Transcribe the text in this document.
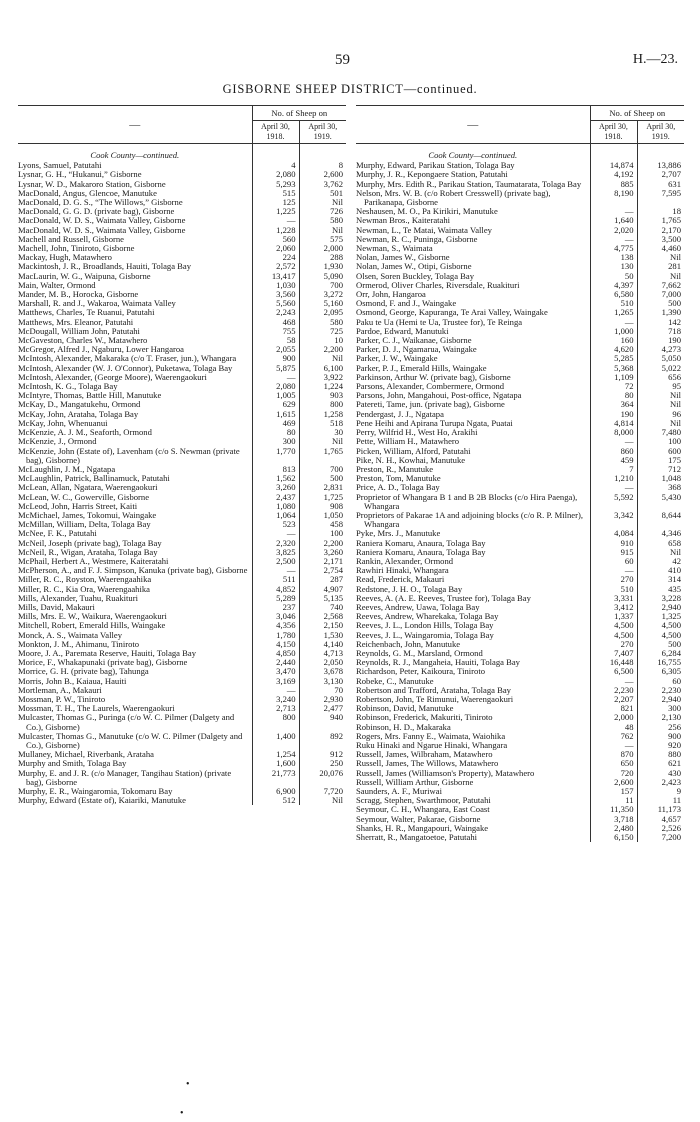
59	H.—23.
GISBORNE SHEEP DISTRICT—continued.
—	No. of Sheep on	
	April 30, 1918.	April 30, 1919.
Cook County—continued.		
Lyons, Samuel, Patutahi	4	8
Lysnar, G. H., “Hukanui,” Gisborne	2,080	2,600
Lysnar, W. D., Makaroro Station, Gisborne	5,293	3,762
MacDonald, Angus, Glencoe, Manutuke	515	501
MacDonald, D. G. S., “The Willows,” Gisborne	125	Nil
MacDonald, G. G. D. (private bag), Gisborne	1,225	726
MacDonald, W. D. S., Waimata Valley, Gisborne	—	580
MacDonald, W. D. S., Waimata Valley, Gisborne	1,228	Nil
Machell and Russell, Gisborne	560	575
Machell, John, Tiniroto, Gisborne	2,060	2,000
Mackay, Hugh, Matawhero	224	288
Mackintosh, J. R., Broadlands, Hauiti, Tolaga Bay	2,572	1,930
MacLaurin, W. G., Waipuna, Gisborne	13,417	5,090
Main, Walter, Ormond	1,030	700
Mander, M. B., Horocka, Gisborne	3,560	3,272
Marshall, R. and J., Wakaroa, Waimata Valley	5,560	5,160
Matthews, Charles, Te Ruanui, Patutahi	2,243	2,095
Matthews, Mrs. Eleanor, Patutahi	468	580
McDougall, William John, Patutahi	755	725
McGaveston, Charles W., Matawhero	58	10
McGregor, Alfred J., Ngaburu, Lower Hangaroa	2,055	2,200
McIntosh, Alexander, Makaraka (c/o T. Fraser, jun.), Whangara	900	Nil
McIntosh, Alexander (W. J. O'Connor), Puketawa, Tolaga Bay	5,875	6,100
McIntosh, Alexander, (George Moore), Waerengaokuri	—	3,922
McIntosh, K. G., Tolaga Bay	2,080	1,224
McIntyre, Thomas, Battle Hill, Manutuke	1,005	903
McKay, D., Mangatukehu, Ormond	629	800
McKay, John, Arataha, Tolaga Bay	1,615	1,258
McKay, John, Whenuanui	469	518
McKenzie, A. J. M., Seaforth, Ormond	80	30
McKenzie, J., Ormond	300	Nil
McKenzie, John (Estate of), Lavenham (c/o S. Newman (private bag), Gisborne)	1,770	1,765
McLaughlin, J. M., Ngatapa	813	700
McLaughlin, Patrick, Ballinamuck, Patutahi	1,562	500
McLean, Allan, Ngatara, Waerengaokuri	3,260	2,831
McLean, W. C., Gowerville, Gisborne	2,437	1,725
McLeod, John, Harris Street, Kaiti	1,080	908
McMichael, James, Tokomui, Waingake	1,064	1,050
McMillan, William, Delta, Tolaga Bay	523	458
McNee, F. K., Patutahi	—	100
McNeil, Joseph (private bag), Tolaga Bay	2,320	2,200
McNeil, R., Wigan, Arataha, Tolaga Bay	3,825	3,260
McPhail, Herbert A., Westmere, Kaiteratahi	2,500	2,171
McPherson, A., and F. J. Simpson, Kanuka (private bag), Gisborne	—	2,754
Miller, R. C., Royston, Waerengaahika	511	287
Miller, R. C., Kia Ora, Waerengaahika	4,852	4,907
Mills, Alexander, Tuahu, Ruakituri	5,289	5,135
Mills, David, Makauri	237	740
Mills, Mrs. E. W., Waikura, Waerengaokuri	3,046	2,568
Mitchell, Robert, Emerald Hills, Waingake	4,356	2,150
Monck, A. S., Waimata Valley	1,780	1,530
Monkton, J. M., Ahimanu, Tiniroto	4,150	4,140
Moore, J. A., Paremata Reserve, Hauiti, Tolaga Bay	4,850	4,713
Morice, F., Whakapunaki (private bag), Gisborne	2,440	2,050
Morrice, G. H. (private bag), Tahunga	3,470	3,678
Morris, John B., Kaiaua, Hauiti	3,169	3,130
Mortleman, A., Makauri	—	70
Mossman, P. W., Tiniroto	3,240	2,930
Mossman, T. H., The Laurels, Waerengaokuri	2,713	2,477
Mulcaster, Thomas G., Puringa (c/o W. C. Pilmer (Dalgety and Co.), Gisborne)	800	940
Mulcaster, Thomas G., Manutuke (c/o W. C. Pilmer (Dalgety and Co.), Gisborne)	1,400	892
Mullaney, Michael, Riverbank, Arataha	1,254	912
Murphy and Smith, Tolaga Bay	1,600	250
Murphy, E. and J. R. (c/o Manager, Tangihau Station) (private bag), Gisborne	21,773	20,076
Murphy, E. R., Waingaromia, Tokomaru Bay	6,900	7,720
Murphy, Edward (Estate of), Kaiariki, Manutuke	512	Nil
—	No. of Sheep on	
	April 30, 1918.	April 30, 1919.
Cook County—continued.		
Murphy, Edward, Parikau Station, Tolaga Bay	14,874	13,886
Murphy, J. R., Kepongaere Station, Patutahi	4,192	2,707
Murphy, Mrs. Edith R., Parikau Station, Taumatarata, Tolaga Bay	885	631
Nelson, Mrs. W. B. (c/o Robert Cresswell) (private bag), Parikanapa, Gisborne	8,190	7,595
Neshausen, M. O., Pa Kirikiri, Manutuke	—	18
Newman Bros., Kaiteratahi	1,640	1,765
Newman, L., Te Matai, Waimata Valley	2,020	2,170
Newman, R. C., Puninga, Gisborne	—	3,500
Newman, S., Waimata	4,775	4,460
Nolan, James W., Gisborne	138	Nil
Nolan, James W., Otipi, Gisborne	130	281
Olsen, Soren Buckley, Tolaga Bay	50	Nil
Ormerod, Oliver Charles, Riversdale, Ruakituri	4,397	7,662
Orr, John, Hangaroa	6,580	7,000
Osmond, F. and J., Waingake	510	500
Osmond, George, Kapuranga, Te Arai Valley, Waingake	1,265	1,390
Paku te Ua (Hemi te Ua, Trustee for), Te Reinga	—	142
Pardoe, Edward, Manutuki	1,000	718
Parker, C. J., Waikanae, Gisborne	160	190
Parker, D. J., Ngamarua, Waingake	4,620	4,273
Parker, J. W., Waingake	5,285	5,050
Parker, P. J., Emerald Hills, Waingake	5,368	5,022
Parkinson, Arthur W. (private bag), Gisborne	1,109	656
Parsons, Alexander, Combermere, Ormond	72	95
Parsons, John, Mangahoui, Post-office, Ngatapa	80	Nil
Patereti, Tame, jun. (private bag), Gisborne	364	Nil
Pendergast, J. J., Ngatapa	190	96
Pene Heihi and Apirana Turupa Ngata, Puatai	4,814	Nil
Perry, Wilfrid H., West Ho, Arakihi	8,000	7,480
Pette, William H., Matawhero	—	100
Picken, William, Alford, Patutahi	860	600
Pike, N. H., Kowhai, Manutuke	459	175
Preston, R., Manutuke	7	712
Preston, Tom, Manutuke	1,210	1,048
Price, A. D., Tolaga Bay	—	368
Proprietor of Whangara B 1 and B 2B Blocks (c/o Hira Paenga), Whangara	5,592	5,430
Proprietors of Pakarae 1A and adjoining blocks (c/o R. P. Milner), Whangara	3,342	8,644
Pyke, Mrs. J., Manutuke	4,084	4,346
Raniera Komaru, Anaura, Tolaga Bay	910	658
Raniera Komaru, Anaura, Tolaga Bay	915	Nil
Rankin, Alexander, Ormond	60	42
Rawhiri Hinaki, Whangara	—	410
Read, Frederick, Makauri	270	314
Redstone, J. H. O., Tolaga Bay	510	435
Reeves, A. (A. E. Reeves, Trustee for), Tolaga Bay	3,331	3,228
Reeves, Andrew, Uawa, Tolaga Bay	3,412	2,940
Reeves, Andrew, Wharekaka, Tolaga Bay	1,337	1,325
Reeves, J. L., London Hills, Tolaga Bay	4,500	4,500
Reeves, J. L., Waingaromia, Tolaga Bay	4,500	4,500
Reichenbach, John, Manutuke	270	500
Reynolds, G. M., Marsland, Ormond	7,407	6,284
Reynolds, R. J., Mangaheia, Hauiti, Tolaga Bay	16,448	16,755
Richardson, Peter, Kaikoura, Tiniroto	6,500	6,305
Robeke, C., Manutuke	—	60
Robertson and Trafford, Arataha, Tolaga Bay	2,230	2,230
Robertson, John, Te Rimunui, Waerengaokuri	2,207	2,940
Robinson, David, Manutuke	821	300
Robinson, Frederick, Makuriti, Tiniroto	2,000	2,130
Robinson, H. D., Makaraka	48	256
Rogers, Mrs. Fanny E., Waimata, Waiohika	762	900
Ruku Hinaki and Ngarue Hinaki, Whangara	—	920
Russell, James, Wilbraham, Matawhero	870	880
Russell, James, The Willows, Matawhero	650	621
Russell, James (Williamson's Property), Matawhero	720	430
Russell, William Arthur, Gisborne	2,600	2,423
Saunders, A. F., Muriwai	157	9
Scragg, Stephen, Swarthmoor, Patutahi	11	11
Seymour, C. H., Whangara, East Coast	11,350	11,173
Seymour, Walter, Pakarae, Gisborne	3,718	4,657
Shanks, H. R., Mangapouri, Waingake	2,480	2,526
Sherratt, R., Mangatoetoe, Patutahi	6,150	7,200
•
•
